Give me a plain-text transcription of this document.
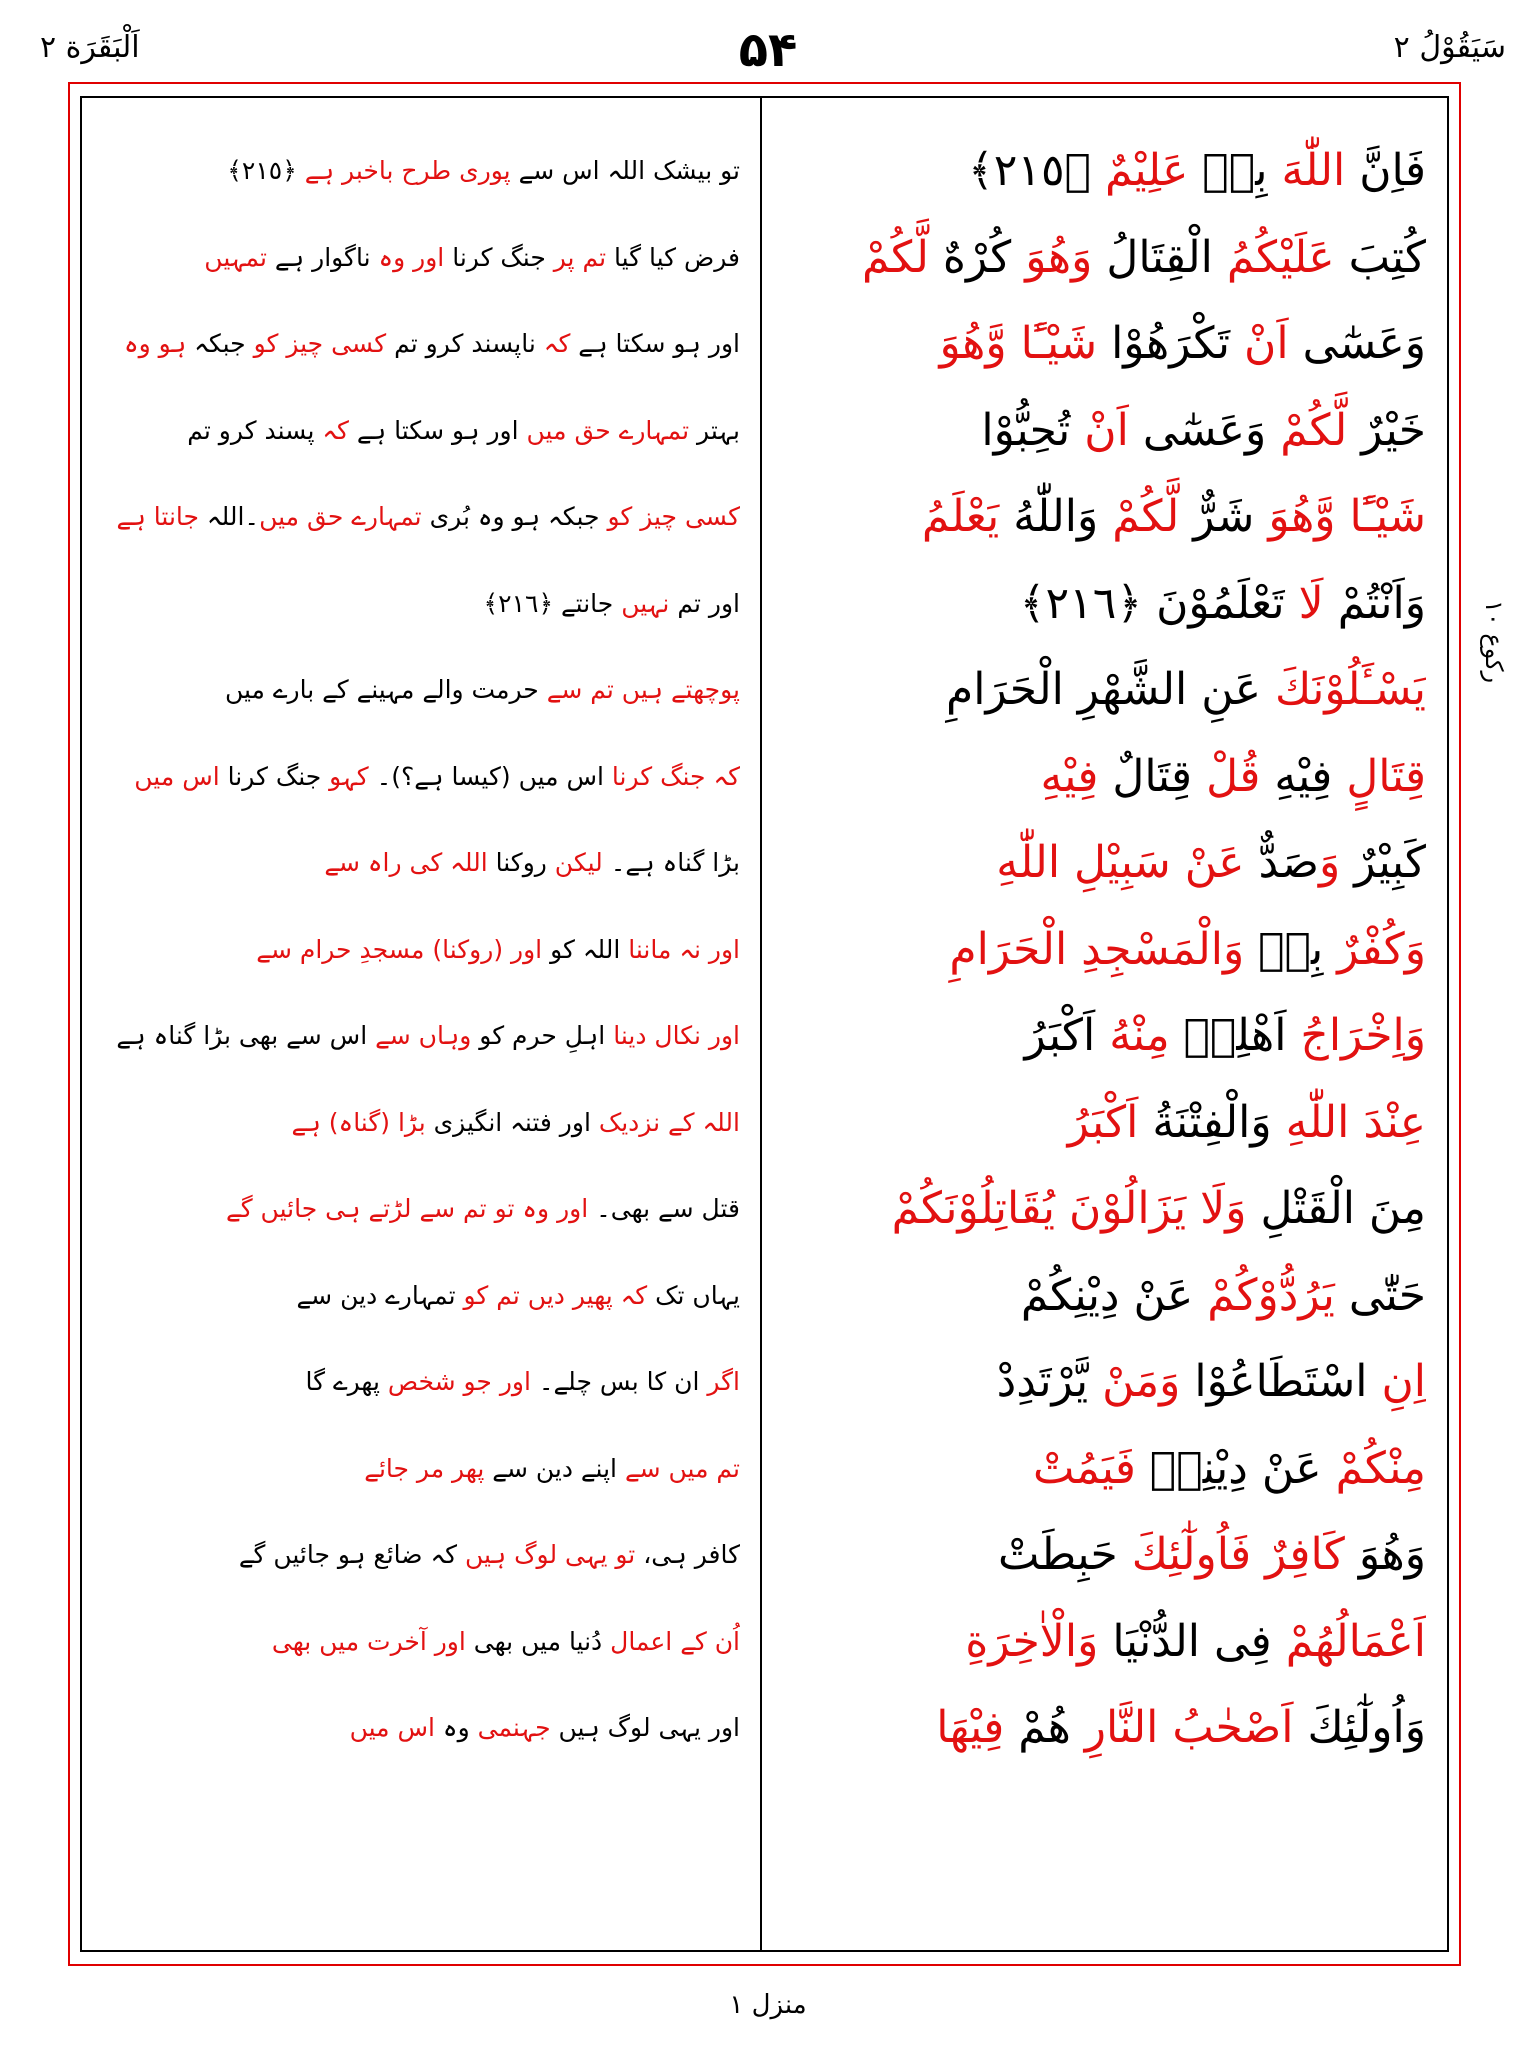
سَيَقُوْلُ ٢
۵۴
اَلْبَقَرَة ٢
رکوع ١٠
فَاِنَّ اللّٰهَ بِهٖ عَلِيْمٌ ﴿٢١٥﴾
تو بیشک اللہ اس سے پوری طرح باخبر ہے ﴿٢١٥﴾
كُتِبَ عَلَيْكُمُ الْقِتَالُ وَهُوَ كُرْهٌ لَّكُمْ
فرض کیا گیا تم پر جنگ کرنا اور وہ ناگوار ہے تمہیں
وَعَسٰٓى اَنْ تَكْرَهُوْا شَيْـًٔا وَّهُوَ
اور ہو سکتا ہے کہ ناپسند کرو تم کسی چیز کو جبکہ ہو وہ
خَيْرٌ لَّكُمْ وَعَسٰٓى اَنْ تُحِبُّوْا
بہتر تمہارے حق میں اور ہو سکتا ہے کہ پسند کرو تم
شَيْـًٔا وَّهُوَ شَرٌّ لَّكُمْ وَاللّٰهُ يَعْلَمُ
کسی چیز کو جبکہ ہو وہ بُری تمہارے حق میں۔اللہ جانتا ہے
وَاَنْتُمْ لَا تَعْلَمُوْنَ ﴿٢١٦﴾
اور تم نہیں جانتے ﴿٢١٦﴾
يَسْـَٔلُوْنَكَ عَنِ الشَّهْرِ الْحَرَامِ
پوچھتے ہیں تم سے حرمت والے مہینے کے بارے میں
قِتَالٍ فِيْهِ قُلْ قِتَالٌ فِيْهِ
کہ جنگ کرنا اس میں (کیسا ہے؟)۔ کہو جنگ کرنا اس میں
كَبِيْرٌ وَصَدٌّ عَنْ سَبِيْلِ اللّٰهِ
بڑا گناہ ہے۔ لیکن روکنا اللہ کی راہ سے
وَكُفْرٌ بِهٖ وَالْمَسْجِدِ الْحَرَامِ
اور نہ ماننا اللہ کو اور (روکنا) مسجدِ حرام سے
وَاِخْرَاجُ اَهْلِهٖ مِنْهُ اَكْبَرُ
اور نکال دینا اہلِ حرم کو وہاں سے اس سے بھی بڑا گناہ ہے
عِنْدَ اللّٰهِ وَالْفِتْنَةُ اَكْبَرُ
اللہ کے نزدیک اور فتنہ انگیزی بڑا (گناہ) ہے
مِنَ الْقَتْلِ وَلَا يَزَالُوْنَ يُقَاتِلُوْنَكُمْ
قتل سے بھی۔ اور وہ تو تم سے لڑتے ہی جائیں گے
حَتّٰى يَرُدُّوْكُمْ عَنْ دِيْنِكُمْ
یہاں تک کہ پھیر دیں تم کو تمہارے دین سے
اِنِ اسْتَطَاعُوْا وَمَنْ يَّرْتَدِدْ
اگر ان کا بس چلے۔ اور جو شخص پھرے گا
مِنْكُمْ عَنْ دِيْنِهٖ فَيَمُتْ
تم میں سے اپنے دین سے پھر مر جائے
وَهُوَ كَافِرٌ فَاُولٰٓئِكَ حَبِطَتْ
کافر ہی، تو یہی لوگ ہیں کہ ضائع ہو جائیں گے
اَعْمَالُهُمْ فِى الدُّنْيَا وَالْاٰخِرَةِ
اُن کے اعمال دُنیا میں بھی اور آخرت میں بھی
وَاُولٰٓئِكَ اَصْحٰبُ النَّارِ هُمْ فِيْهَا
اور یہی لوگ ہیں جہنمی وہ اس میں
منزل ١
